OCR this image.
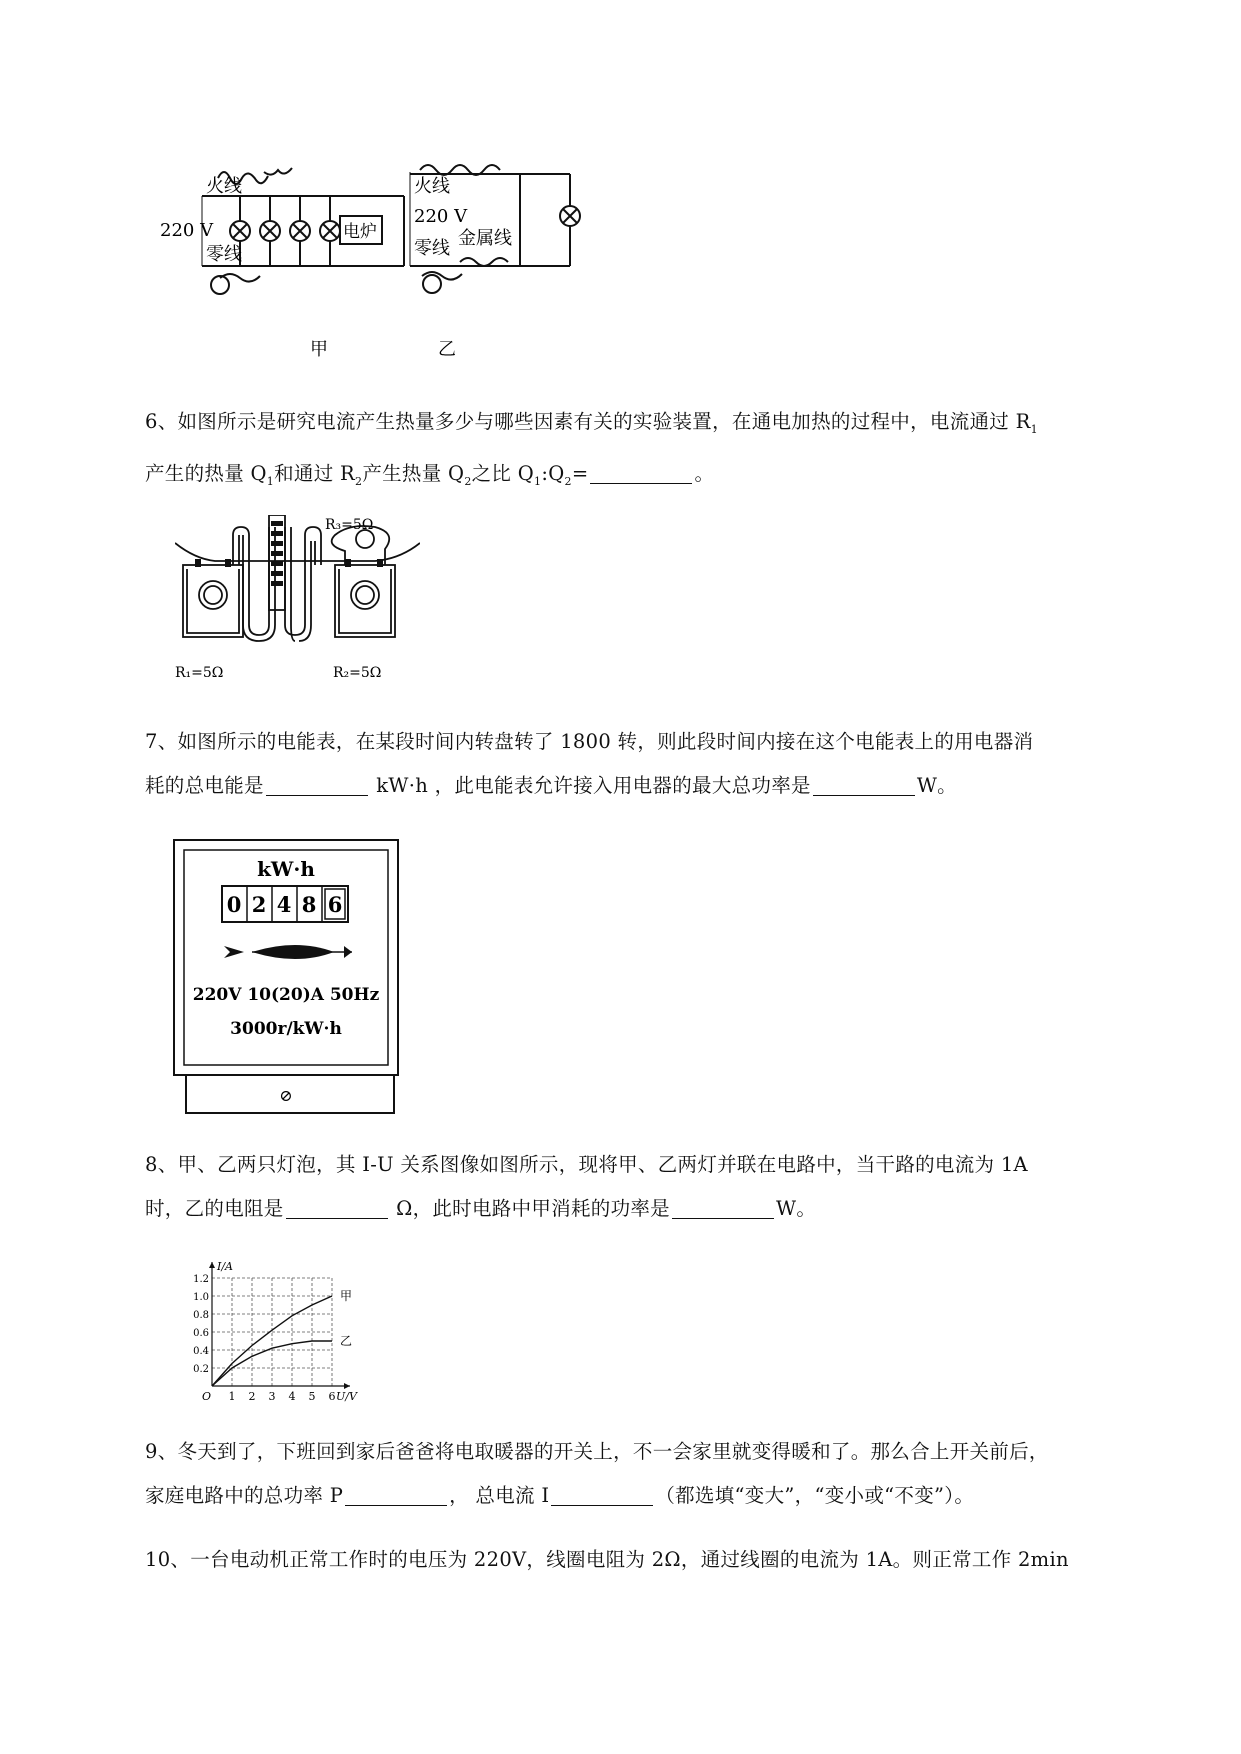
火线
220 V
零线
电炉
火线
220 V
零线 金属线
甲	乙
6、如图所示是研究电流产生热量多少与哪些因素有关的实验装置，在通电加热的过程中，电流通过 $R_1$
产生的热量 $Q_1$和通过 $R_2$产生热量 $Q_2$之比 $Q_1:Q_2=$	。
R₃=5Ω
R₁=5Ω	R₂=5Ω
7、如图所示的电能表，在某段时间内转盘转了 1800 转，则此段时间内接在这个电能表上的用电器消
耗的总电能是	kW·h ，此电能表允许接入用电器的最大总功率是	W。
kW·h
0 2 4 8 6
220V 10(20)A 50Hz
3000r/kW·h
⊘
8、甲、乙两只灯泡，其 I-U 关系图像如图所示，现将甲、乙两灯并联在电路中，当干路的电流为 1A
时，乙的电阻是	Ω，此时电路中甲消耗的功率是	W。
1 2 3 4 5 6
0.2
0.4
0.6
0.8
1.0
1.2
O	U/V
I/A
甲
乙
9、冬天到了，下班回到家后爸爸将电取暖器的开关上，不一会家里就变得暖和了。那么合上开关前后，
家庭电路中的总功率 P	， 总电流 I	（都选填“变大”，“变小或“不变”）。
10、一台电动机正常工作时的电压为 220V，线圈电阻为 2Ω，通过线圈的电流为 1A。则正常工作 2min
